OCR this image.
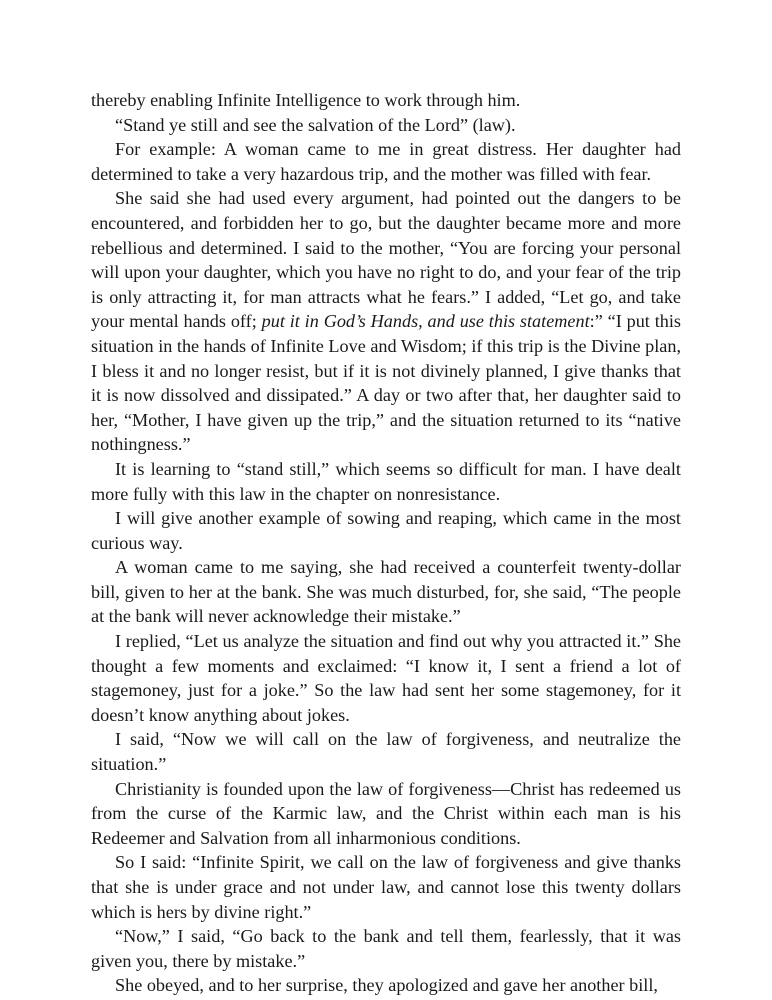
thereby enabling Infinite Intelligence to work through him.

“Stand ye still and see the salvation of the Lord” (law).

For example: A woman came to me in great distress. Her daughter had determined to take a very hazardous trip, and the mother was filled with fear.

She said she had used every argument, had pointed out the dangers to be encountered, and forbidden her to go, but the daughter became more and more rebellious and determined. I said to the mother, “You are forcing your personal will upon your daughter, which you have no right to do, and your fear of the trip is only attracting it, for man attracts what he fears.” I added, “Let go, and take your mental hands off; put it in God’s Hands, and use this statement:” “I put this situation in the hands of Infinite Love and Wisdom; if this trip is the Divine plan, I bless it and no longer resist, but if it is not divinely planned, I give thanks that it is now dissolved and dissipated.” A day or two after that, her daughter said to her, “Mother, I have given up the trip,” and the situation returned to its “native nothingness.”

It is learning to “stand still,” which seems so difficult for man. I have dealt more fully with this law in the chapter on nonresistance.

I will give another example of sowing and reaping, which came in the most curious way.

A woman came to me saying, she had received a counterfeit twenty-dollar bill, given to her at the bank. She was much disturbed, for, she said, “The people at the bank will never acknowledge their mistake.”

I replied, “Let us analyze the situation and find out why you attracted it.” She thought a few moments and exclaimed: “I know it, I sent a friend a lot of stagemoney, just for a joke.” So the law had sent her some stagemoney, for it doesn’t know anything about jokes.

I said, “Now we will call on the law of forgiveness, and neutralize the situation.”

Christianity is founded upon the law of forgiveness—Christ has redeemed us from the curse of the Karmic law, and the Christ within each man is his Redeemer and Salvation from all inharmonious conditions.

So I said: “Infinite Spirit, we call on the law of forgiveness and give thanks that she is under grace and not under law, and cannot lose this twenty dollars which is hers by divine right.”

“Now,” I said, “Go back to the bank and tell them, fearlessly, that it was given you, there by mistake.”

She obeyed, and to her surprise, they apologized and gave her another bill,
